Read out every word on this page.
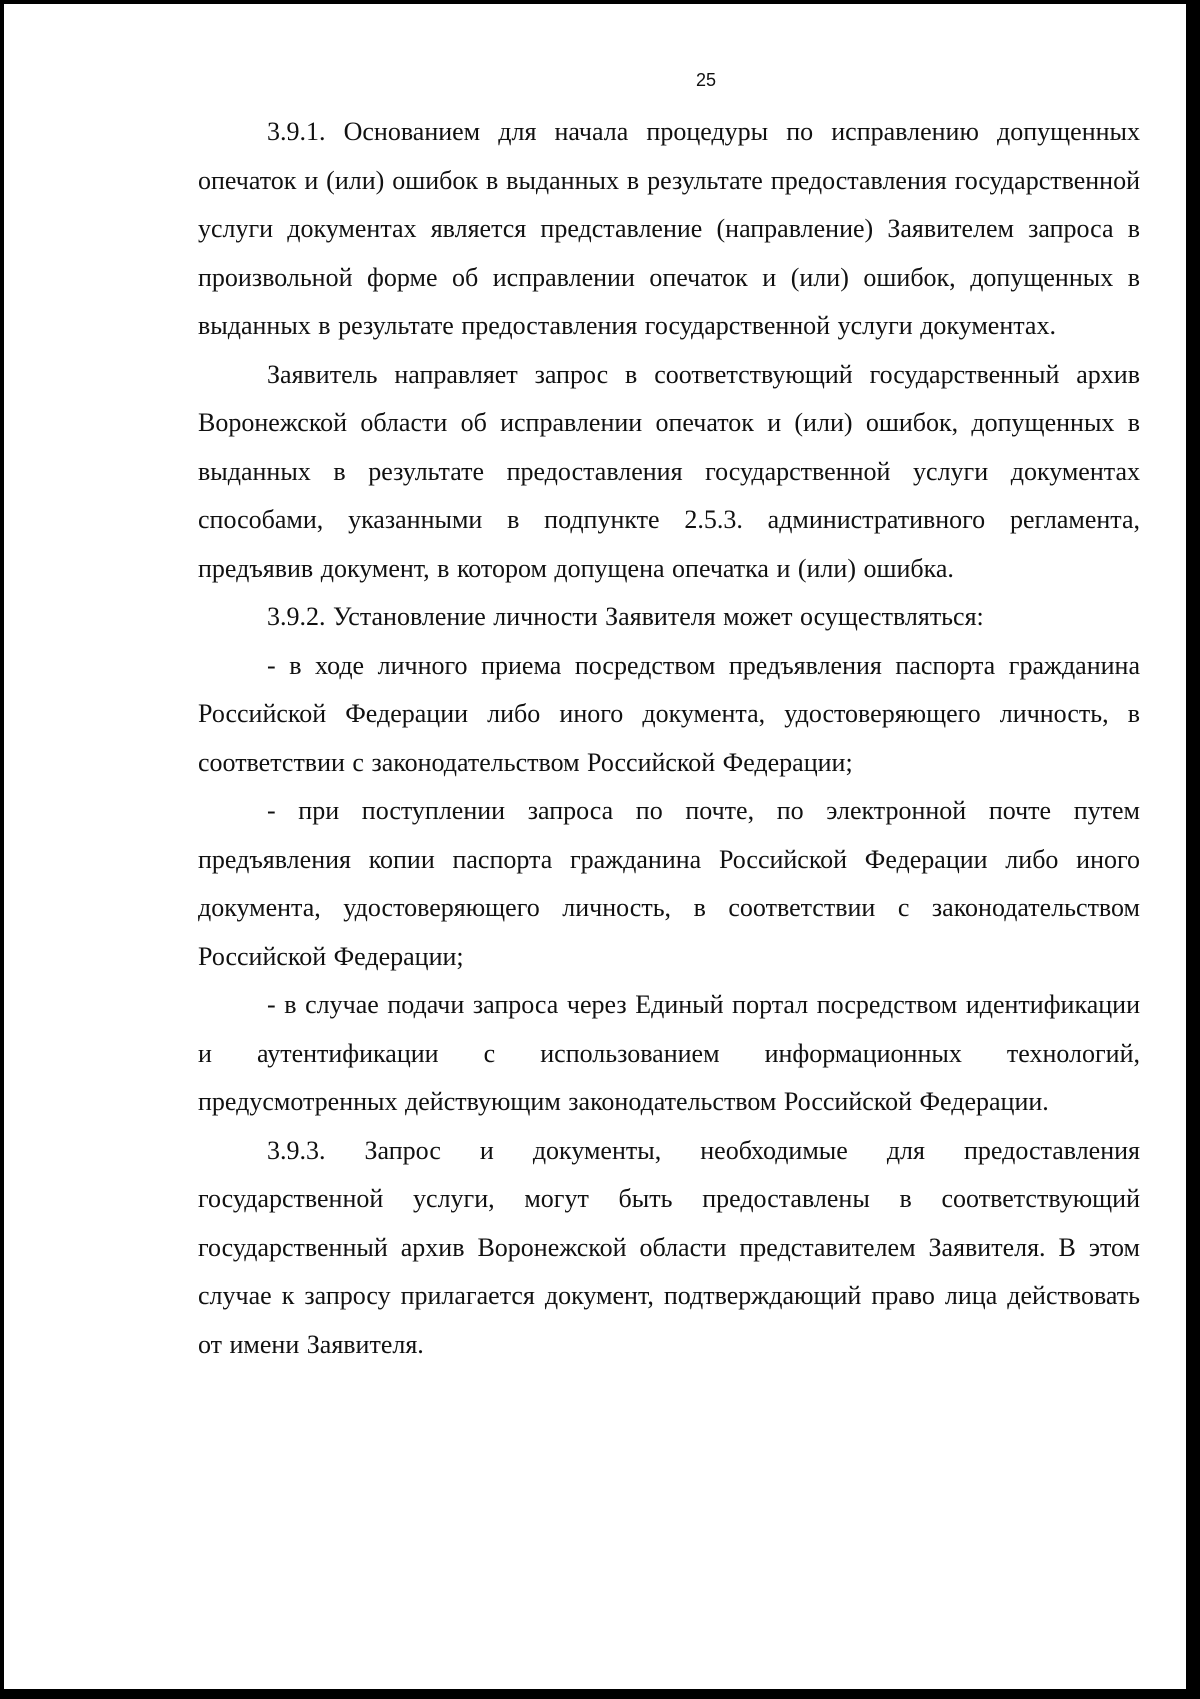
25

3.9.1. Основанием для начала процедуры по исправлению допущенных опечаток и (или) ошибок в выданных в результате предоставления государственной услуги документах является представление (направление) Заявителем запроса в произвольной форме об исправлении опечаток и (или) ошибок, допущенных в выданных в результате предоставления государственной услуги документах.

Заявитель направляет запрос в соответствующий государственный архив Воронежской области об исправлении опечаток и (или) ошибок, допущенных в выданных в результате предоставления государственной услуги документах способами, указанными в подпункте 2.5.3. административного регламента, предъявив документ, в котором допущена опечатка и (или) ошибка.

3.9.2. Установление личности Заявителя может осуществляться:

- в ходе личного приема посредством предъявления паспорта гражданина Российской Федерации либо иного документа, удостоверяющего личность, в соответствии с законодательством Российской Федерации;

- при поступлении запроса по почте, по электронной почте путем предъявления копии паспорта гражданина Российской Федерации либо иного документа, удостоверяющего личность, в соответствии с законодательством Российской Федерации;

- в случае подачи запроса через Единый портал посредством идентификации и аутентификации с использованием информационных технологий, предусмотренных действующим законодательством Российской Федерации.

3.9.3. Запрос и документы, необходимые для предоставления государственной услуги, могут быть предоставлены в соответствующий государственный архив Воронежской области представителем Заявителя. В этом случае к запросу прилагается документ, подтверждающий право лица действовать от имени Заявителя.
